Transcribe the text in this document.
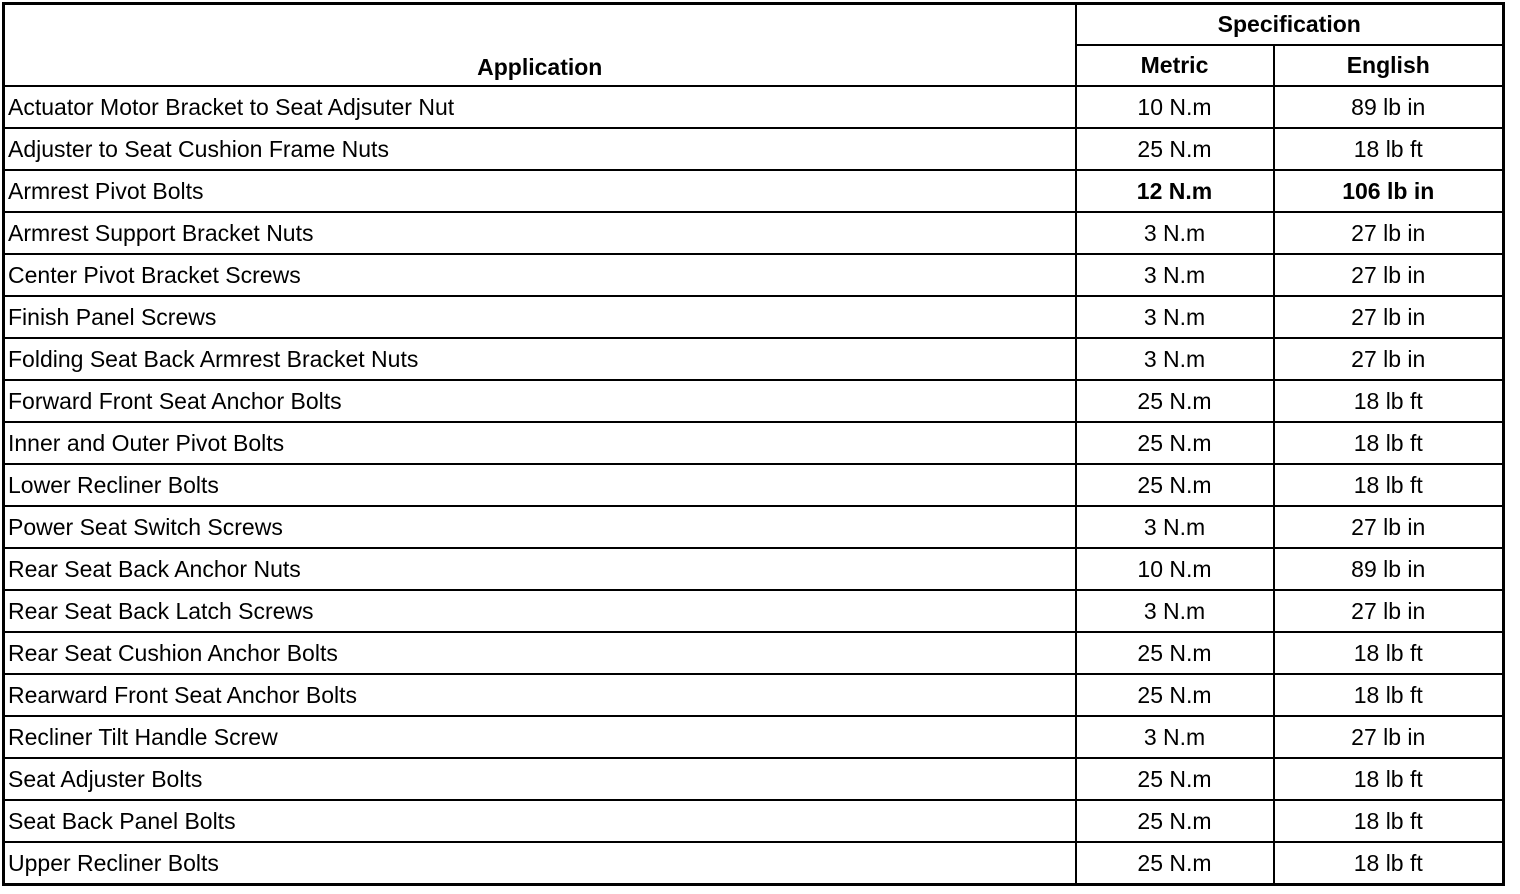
Application	Specification	
	Metric	English
Actuator Motor Bracket to Seat Adjsuter Nut	10 N.m	89 lb in
Adjuster to Seat Cushion Frame Nuts	25 N.m	18 lb ft
Armrest Pivot Bolts	12 N.m	106 lb in
Armrest Support Bracket Nuts	3 N.m	27 lb in
Center Pivot Bracket Screws	3 N.m	27 lb in
Finish Panel Screws	3 N.m	27 lb in
Folding Seat Back Armrest Bracket Nuts	3 N.m	27 lb in
Forward Front Seat Anchor Bolts	25 N.m	18 lb ft
Inner and Outer Pivot Bolts	25 N.m	18 lb ft
Lower Recliner Bolts	25 N.m	18 lb ft
Power Seat Switch Screws	3 N.m	27 lb in
Rear Seat Back Anchor Nuts	10 N.m	89 lb in
Rear Seat Back Latch Screws	3 N.m	27 lb in
Rear Seat Cushion Anchor Bolts	25 N.m	18 lb ft
Rearward Front Seat Anchor Bolts	25 N.m	18 lb ft
Recliner Tilt Handle Screw	3 N.m	27 lb in
Seat Adjuster Bolts	25 N.m	18 lb ft
Seat Back Panel Bolts	25 N.m	18 lb ft
Upper Recliner Bolts	25 N.m	18 lb ft
